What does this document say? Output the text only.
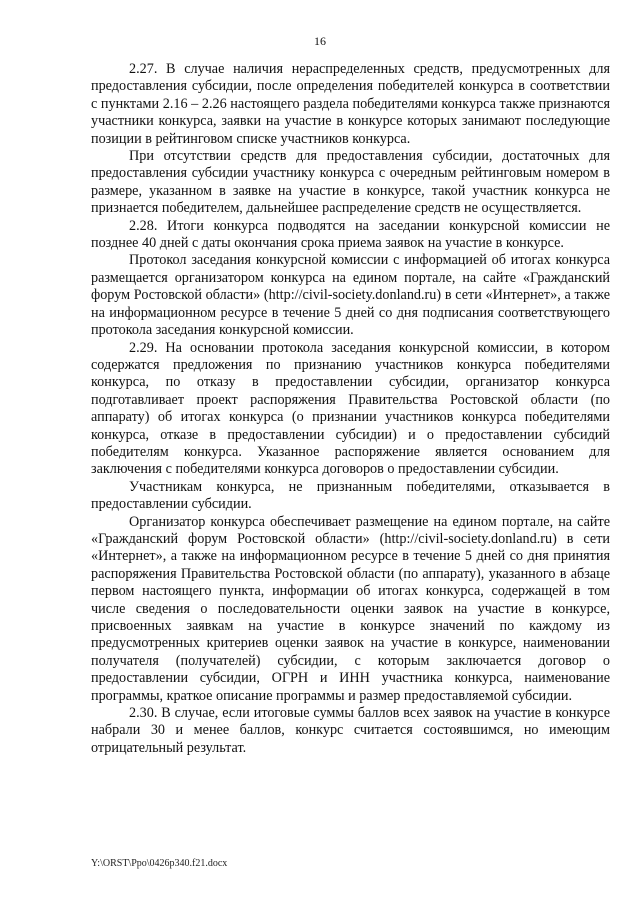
16

2.27. В случае наличия нераспределенных средств, предусмотренных для предоставления субсидии, после определения победителей конкурса в соответствии с пунктами 2.16 – 2.26 настоящего раздела победителями конкурса также признаются участники конкурса, заявки на участие в конкурсе которых занимают последующие позиции в рейтинговом списке участников конкурса.

При отсутствии средств для предоставления субсидии, достаточных для предоставления субсидии участнику конкурса с очередным рейтинговым номером в размере, указанном в заявке на участие в конкурсе, такой участник конкурса не признается победителем, дальнейшее распределение средств не осуществляется.

2.28. Итоги конкурса подводятся на заседании конкурсной комиссии не позднее 40 дней с даты окончания срока приема заявок на участие в конкурсе.

Протокол заседания конкурсной комиссии с информацией об итогах конкурса размещается организатором конкурса на едином портале, на сайте «Гражданский форум Ростовской области» (http://civil-society.donland.ru) в сети «Интернет», а также на информационном ресурсе в течение 5 дней со дня подписания соответствующего протокола заседания конкурсной комиссии.

2.29. На основании протокола заседания конкурсной комиссии, в котором содержатся предложения по признанию участников конкурса победителями конкурса, по отказу в предоставлении субсидии, организатор конкурса подготавливает проект распоряжения Правительства Ростовской области (по аппарату) об итогах конкурса (о признании участников конкурса победителями конкурса, отказе в предоставлении субсидии) и о предоставлении субсидий победителям конкурса. Указанное распоряжение является основанием для заключения с победителями конкурса договоров о предоставлении субсидии.

Участникам конкурса, не признанным победителями, отказывается в предоставлении субсидии.

Организатор конкурса обеспечивает размещение на едином портале, на сайте «Гражданский форум Ростовской области» (http://civil-society.donland.ru) в сети «Интернет», а также на информационном ресурсе в течение 5 дней со дня принятия распоряжения Правительства Ростовской области (по аппарату), указанного в абзаце первом настоящего пункта, информации об итогах конкурса, содержащей в том числе сведения о последовательности оценки заявок на участие в конкурсе, присвоенных заявкам на участие в конкурсе значений по каждому из предусмотренных критериев оценки заявок на участие в конкурсе, наименовании получателя (получателей) субсидии, с которым заключается договор о предоставлении субсидии, ОГРН и ИНН участника конкурса, наименование программы, краткое описание программы и размер предоставляемой субсидии.

2.30. В случае, если итоговые суммы баллов всех заявок на участие в конкурсе набрали 30 и менее баллов, конкурс считается состоявшимся, но имеющим отрицательный результат.

Y:\ORST\Ppo\0426p340.f21.docx
